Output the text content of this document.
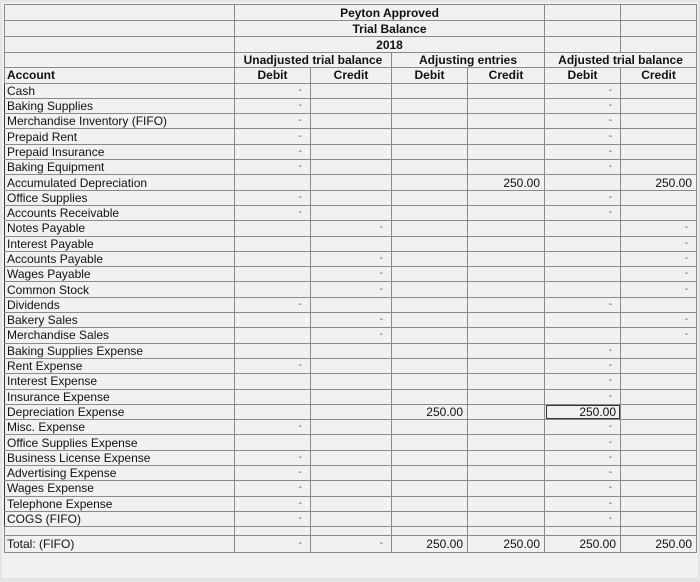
	Peyton Approved					
	Trial Balance					
	2018					
	Unadjusted trial balance		Adjusting entries		Adjusted trial balance	
Account	Debit	Credit	Debit	Credit	Debit	Credit
Cash	-				-	
Baking Supplies	-				-	
Merchandise Inventory (FIFO)	-				-	
Prepaid Rent	-				-	
Prepaid Insurance	-				-	
Baking Equipment	-				-	
Accumulated Depreciation				250.00		250.00
Office Supplies	-				-	
Accounts Receivable	-				-	
Notes Payable		-				-
Interest Payable						-
Accounts Payable		-				-
Wages Payable		-				-
Common Stock		-				-
Dividends	-				-	
Bakery Sales		-				-
Merchandise Sales		-				-
Baking Supplies Expense					-	
Rent Expense	-				-	
Interest Expense					-	
Insurance Expense					-	
Depreciation Expense			250.00		250.00	
Misc. Expense	-				-	
Office Supplies Expense					-	
Business License Expense	-				-	
Advertising Expense	-				-	
Wages Expense	-				-	
Telephone Expense	-				-	
COGS (FIFO)	-				-	

Total: (FIFO)	-	-	250.00	250.00	250.00	250.00
